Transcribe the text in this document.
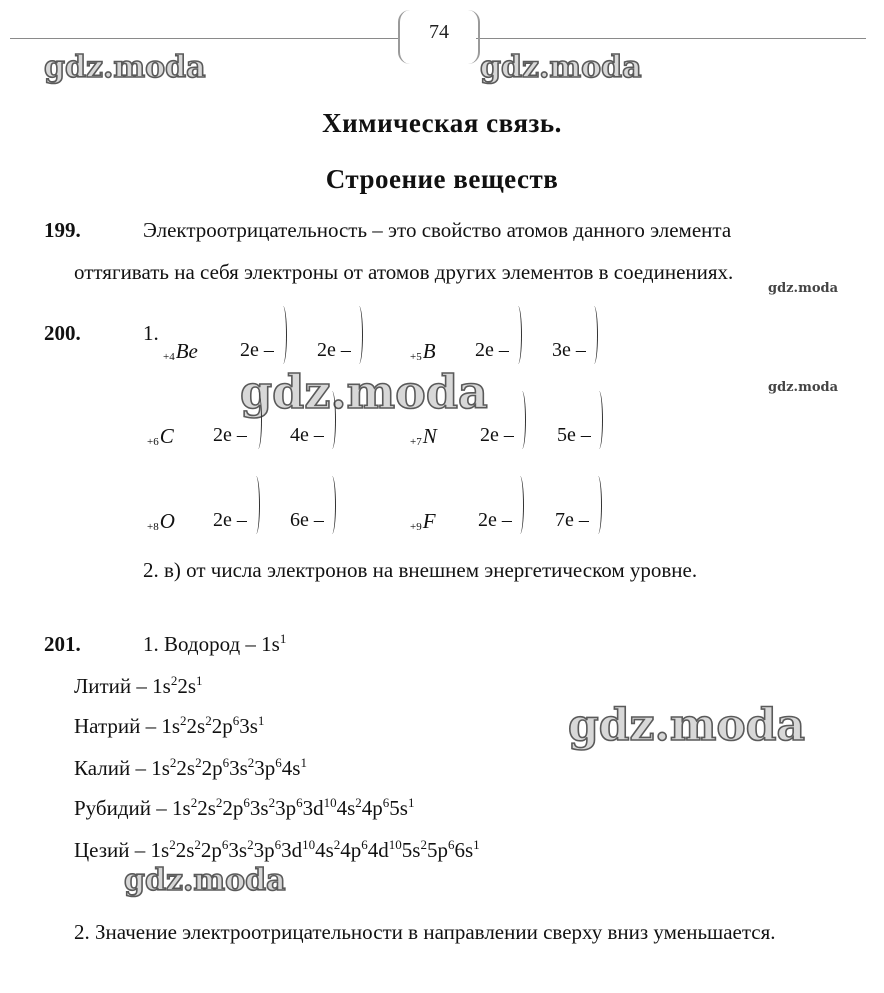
74
gdz.moda	gdz.moda
gdz.moda
gdz.moda
gdz.moda
gdz.moda
gdz.moda
Химическая связь.
Строение веществ
199.	Электроотрицательность – это свойство атомов данного элемента
оттягивать на себя электроны от атомов других элементов в соединениях.
200.	1.
$_{+4}$Be 2e – 2e –	$_{+5}$B 2e – 3e –
$_{+6}$C 2e – 4e –	$_{+7}$N 2e – 5e –
$_{+8}$O 2e – 6e –	$_{+9}$F 2e – 7e –
2. в) от числа электронов на внешнем энергетическом уровне.
201.	1. Водород – $1s^1$
Литий – $1s^22s^1$
Натрий – $1s^22s^22p^63s^1$
Калий – $1s^22s^22p^63s^23p^64s^1$
Рубидий – $1s^22s^22p^63s^23p^63d^{10}4s^24p^65s^1$
Цезий – $1s^22s^22p^63s^23p^63d^{10}4s^24p^64d^{10}5s^25p^66s^1$
2. Значение электроотрицательности в направлении сверху вниз уменьшается.
